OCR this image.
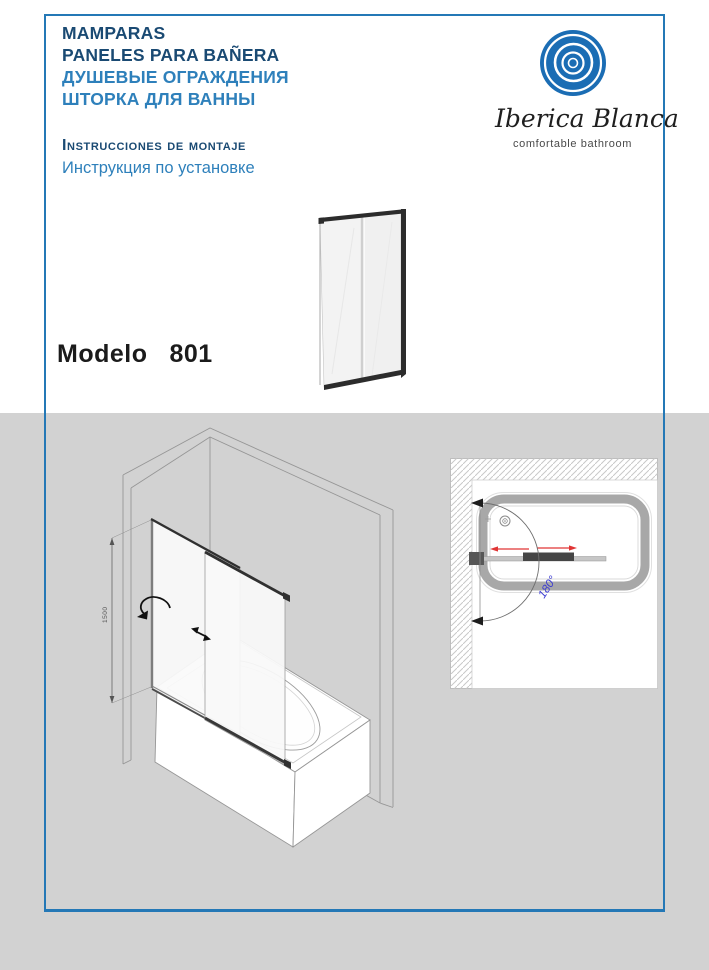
MAMPARAS
PANELES PARA BAÑERA
ДУШЕВЫЕ ОГРАЖДЕНИЯ
ШТОРКА ДЛЯ ВАННЫ
Instrucciones de montaje
Инструкция по установке
Iberica Blanca
comfortable bathroom
Modelo 801
1500
180°
